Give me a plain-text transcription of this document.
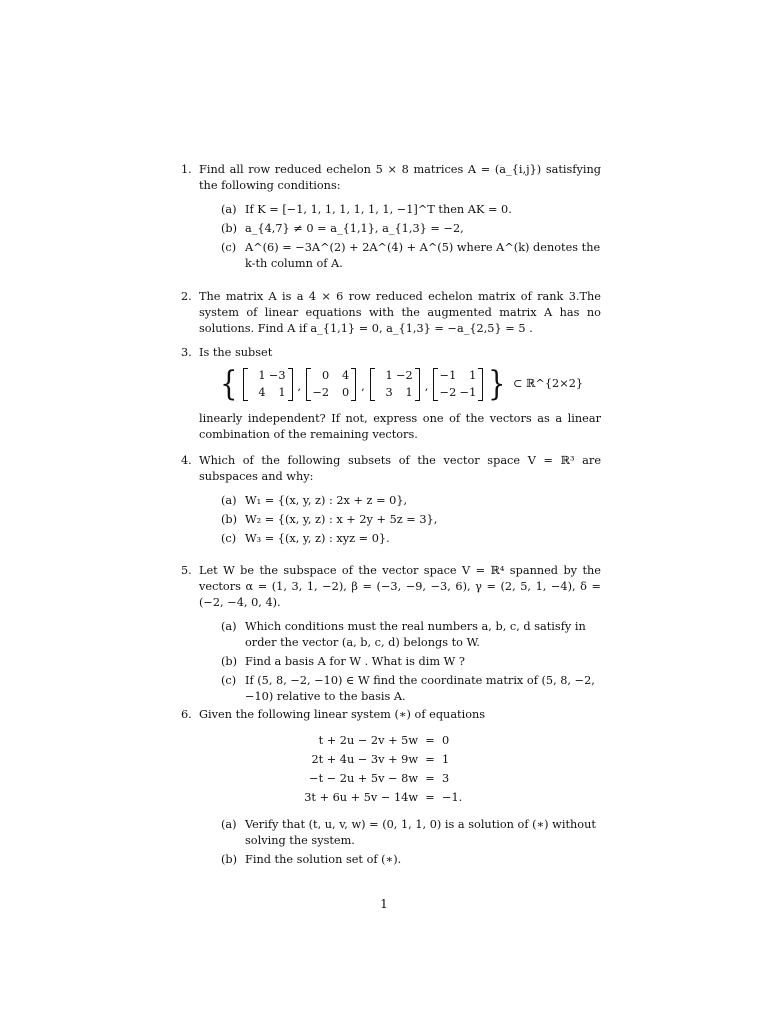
1. Find all row reduced echelon 5 × 8 matrices A = (a_{i,j}) satisfying the following conditions:

(a) If K = [−1, 1, 1, 1, 1, 1, 1, −1]^T then AK = 0.
(b) a_{4,7} ≠ 0 = a_{1,1}, a_{1,3} = −2,
(c) A^(6) = −3A^(2) + 2A^(4) + A^(5) where A^(k) denotes the k-th column of A.
2. The matrix A is a 4 × 6 row reduced echelon matrix of rank 3.The system of linear equations with the augmented matrix A has no solutions. Find A if a_{1,1} = 0, a_{1,3} = −a_{2,5} = 5 .

3. Is the subset

{	1 −3
4	1 ,
0	4
−2	0 ,
1 −2
3	1 ,
−1	1
−2 −1 } ⊂ ℝ^{2×2}

linearly independent? If not, express one of the vectors as a linear combination of the remaining vectors.

4. Which of the following subsets of the vector space V = ℝ³ are subspaces and why:

(a) W₁ = {(x, y, z) : 2x + z = 0},
(b) W₂ = {(x, y, z) : x + 2y + 5z = 3},
(c) W₃ = {(x, y, z) : xyz = 0}.
5. Let W be the subspace of the vector space V = ℝ⁴ spanned by the vectors α = (1, 3, 1, −2), β = (−3, −9, −3, 6), γ = (2, 5, 1, −4), δ = (−2, −4, 0, 4).

(a) Which conditions must the real numbers a, b, c, d satisfy in order the vector (a, b, c, d) belongs to W.
(b) Find a basis A for W . What is dim W ?
(c) If (5, 8, −2, −10) ∈ W find the coordinate matrix of (5, 8, −2, −10) relative to the basis A.
6. Given the following linear system (∗) of equations

t + 2u − 2v + 5w = 0
2t + 4u − 3v + 9w = 1
−t − 2u + 5v − 8w = 3
3t + 6u + 5v − 14w = −1.
(a) Verify that (t, u, v, w) = (0, 1, 1, 0) is a solution of (∗) without solving the system.
(b) Find the solution set of (∗).
1
